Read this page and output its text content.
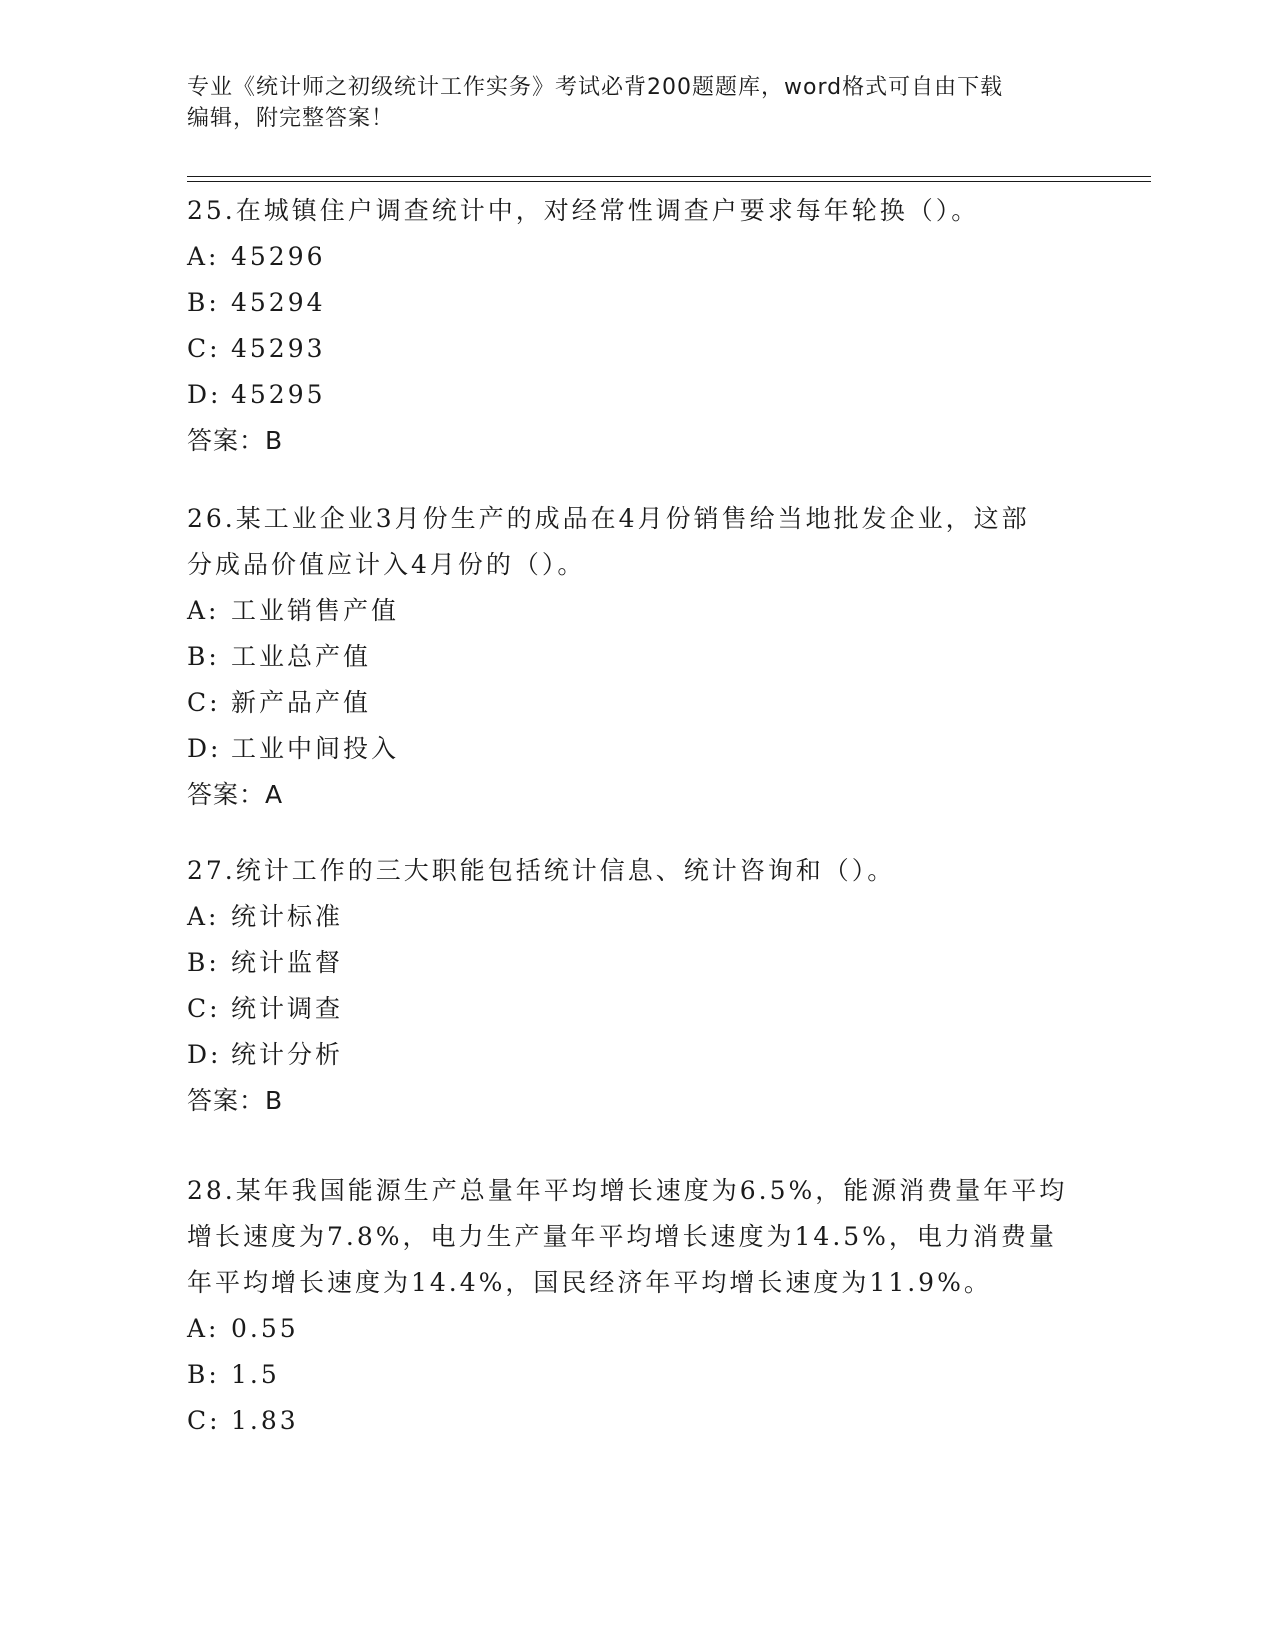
专业《统计师之初级统计工作实务》考试必背200题题库，word格式可自由下载
编辑，附完整答案！
25.在城镇住户调查统计中，对经常性调查户要求每年轮换（）。
A: 45296
B: 45294
C: 45293
D: 45295
答案：B
26.某工业企业3月份生产的成品在4月份销售给当地批发企业，这部
分成品价值应计入4月份的（）。
A: 工业销售产值
B: 工业总产值
C: 新产品产值
D: 工业中间投入
答案：A
27.统计工作的三大职能包括统计信息、统计咨询和（）。
A: 统计标准
B: 统计监督
C: 统计调查
D: 统计分析
答案：B
28.某年我国能源生产总量年平均增长速度为6.5%，能源消费量年平均
增长速度为7.8%，电力生产量年平均增长速度为14.5%，电力消费量
年平均增长速度为14.4%，国民经济年平均增长速度为11.9%。
A: 0.55
B: 1.5
C: 1.83
